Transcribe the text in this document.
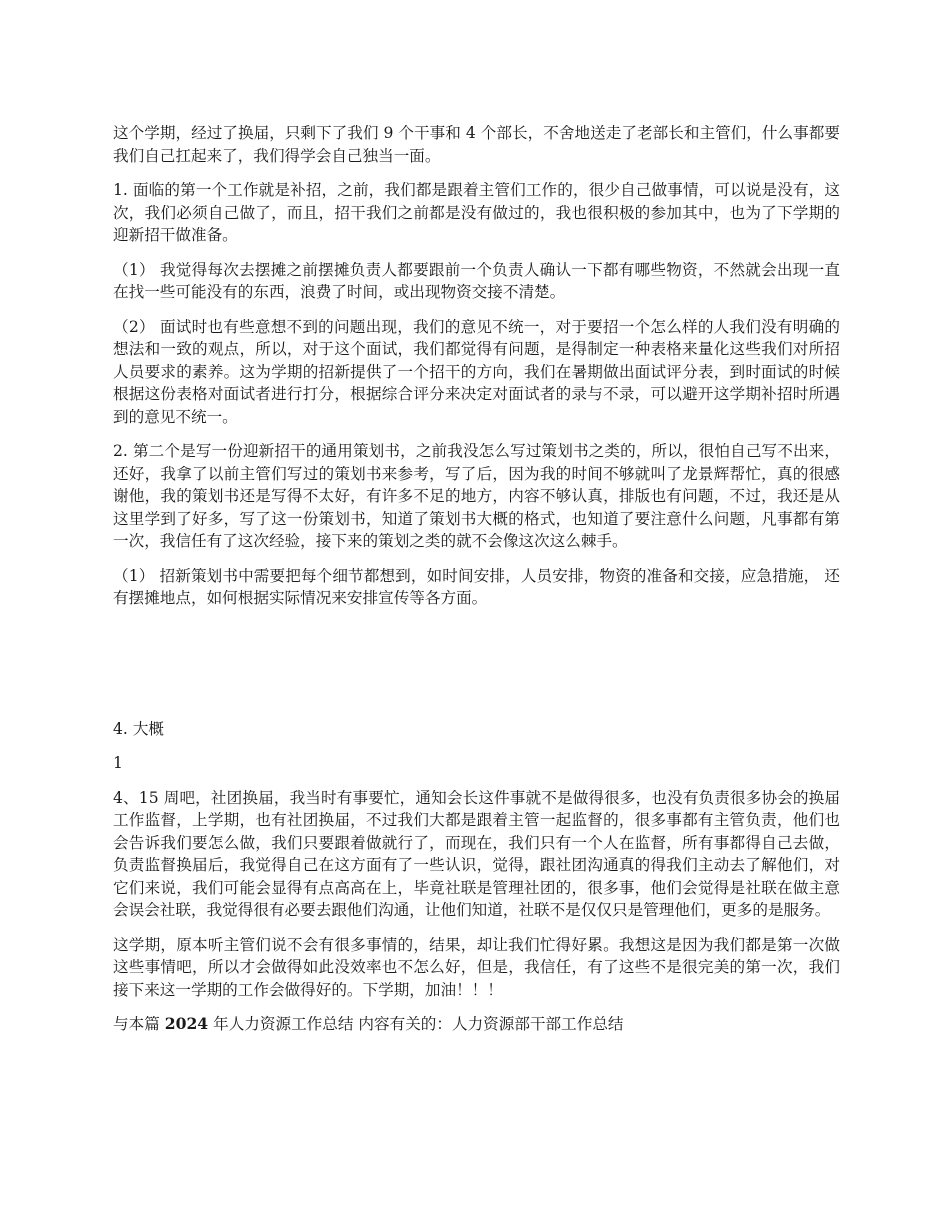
这个学期，经过了换届，只剩下了我们 9 个干事和 4 个部长，不舍地送走了老部长和主管们，什么事都要我们自己扛起来了，我们得学会自己独当一面。

1. 面临的第一个工作就是补招，之前，我们都是跟着主管们工作的，很少自己做事情，可以说是没有，这次，我们必须自己做了，而且，招干我们之前都是没有做过的，我也很积极的参加其中，也为了下学期的迎新招干做准备。

（1） 我觉得每次去摆摊之前摆摊负责人都要跟前一个负责人确认一下都有哪些物资，不然就会出现一直在找一些可能没有的东西，浪费了时间，或出现物资交接不清楚。

（2） 面试时也有些意想不到的问题出现，我们的意见不统一，对于要招一个怎么样的人我们没有明确的想法和一致的观点，所以，对于这个面试，我们都觉得有问题，是得制定一种表格来量化这些我们对所招人员要求的素养。这为学期的招新提供了一个招干的方向，我们在暑期做出面试评分表，到时面试的时候根据这份表格对面试者进行打分，根据综合评分来决定对面试者的录与不录，可以避开这学期补招时所遇到的意见不统一。

2. 第二个是写一份迎新招干的通用策划书，之前我没怎么写过策划书之类的，所以，很怕自己写不出来，还好，我拿了以前主管们写过的策划书来参考，写了后，因为我的时间不够就叫了龙景辉帮忙，真的很感谢他，我的策划书还是写得不太好，有许多不足的地方，内容不够认真，排版也有问题，不过，我还是从这里学到了好多，写了这一份策划书，知道了策划书大概的格式，也知道了要注意什么问题，凡事都有第一次，我信任有了这次经验，接下来的策划之类的就不会像这次这么棘手。

（1） 招新策划书中需要把每个细节都想到，如时间安排，人员安排，物资的准备和交接，应急措施， 还有摆摊地点，如何根据实际情况来安排宣传等各方面。

4. 大概

1

4、15 周吧，社团换届，我当时有事要忙，通知会长这件事就不是做得很多，也没有负责很多协会的换届工作监督，上学期，也有社团换届，不过我们大都是跟着主管一起监督的，很多事都有主管负责，他们也会告诉我们要怎么做，我们只要跟着做就行了，而现在，我们只有一个人在监督，所有事都得自己去做，负责监督换届后，我觉得自己在这方面有了一些认识，觉得，跟社团沟通真的得我们主动去了解他们，对它们来说，我们可能会显得有点高高在上，毕竟社联是管理社团的，很多事，他们会觉得是社联在做主意会误会社联，我觉得很有必要去跟他们沟通，让他们知道，社联不是仅仅只是管理他们，更多的是服务。

这学期，原本听主管们说不会有很多事情的，结果，却让我们忙得好累。我想这是因为我们都是第一次做这些事情吧，所以才会做得如此没效率也不怎么好，但是，我信任，有了这些不是很完美的第一次，我们接下来这一学期的工作会做得好的。下学期，加油！！！

与本篇 2024 年人力资源工作总结 内容有关的：人力资源部干部工作总结
